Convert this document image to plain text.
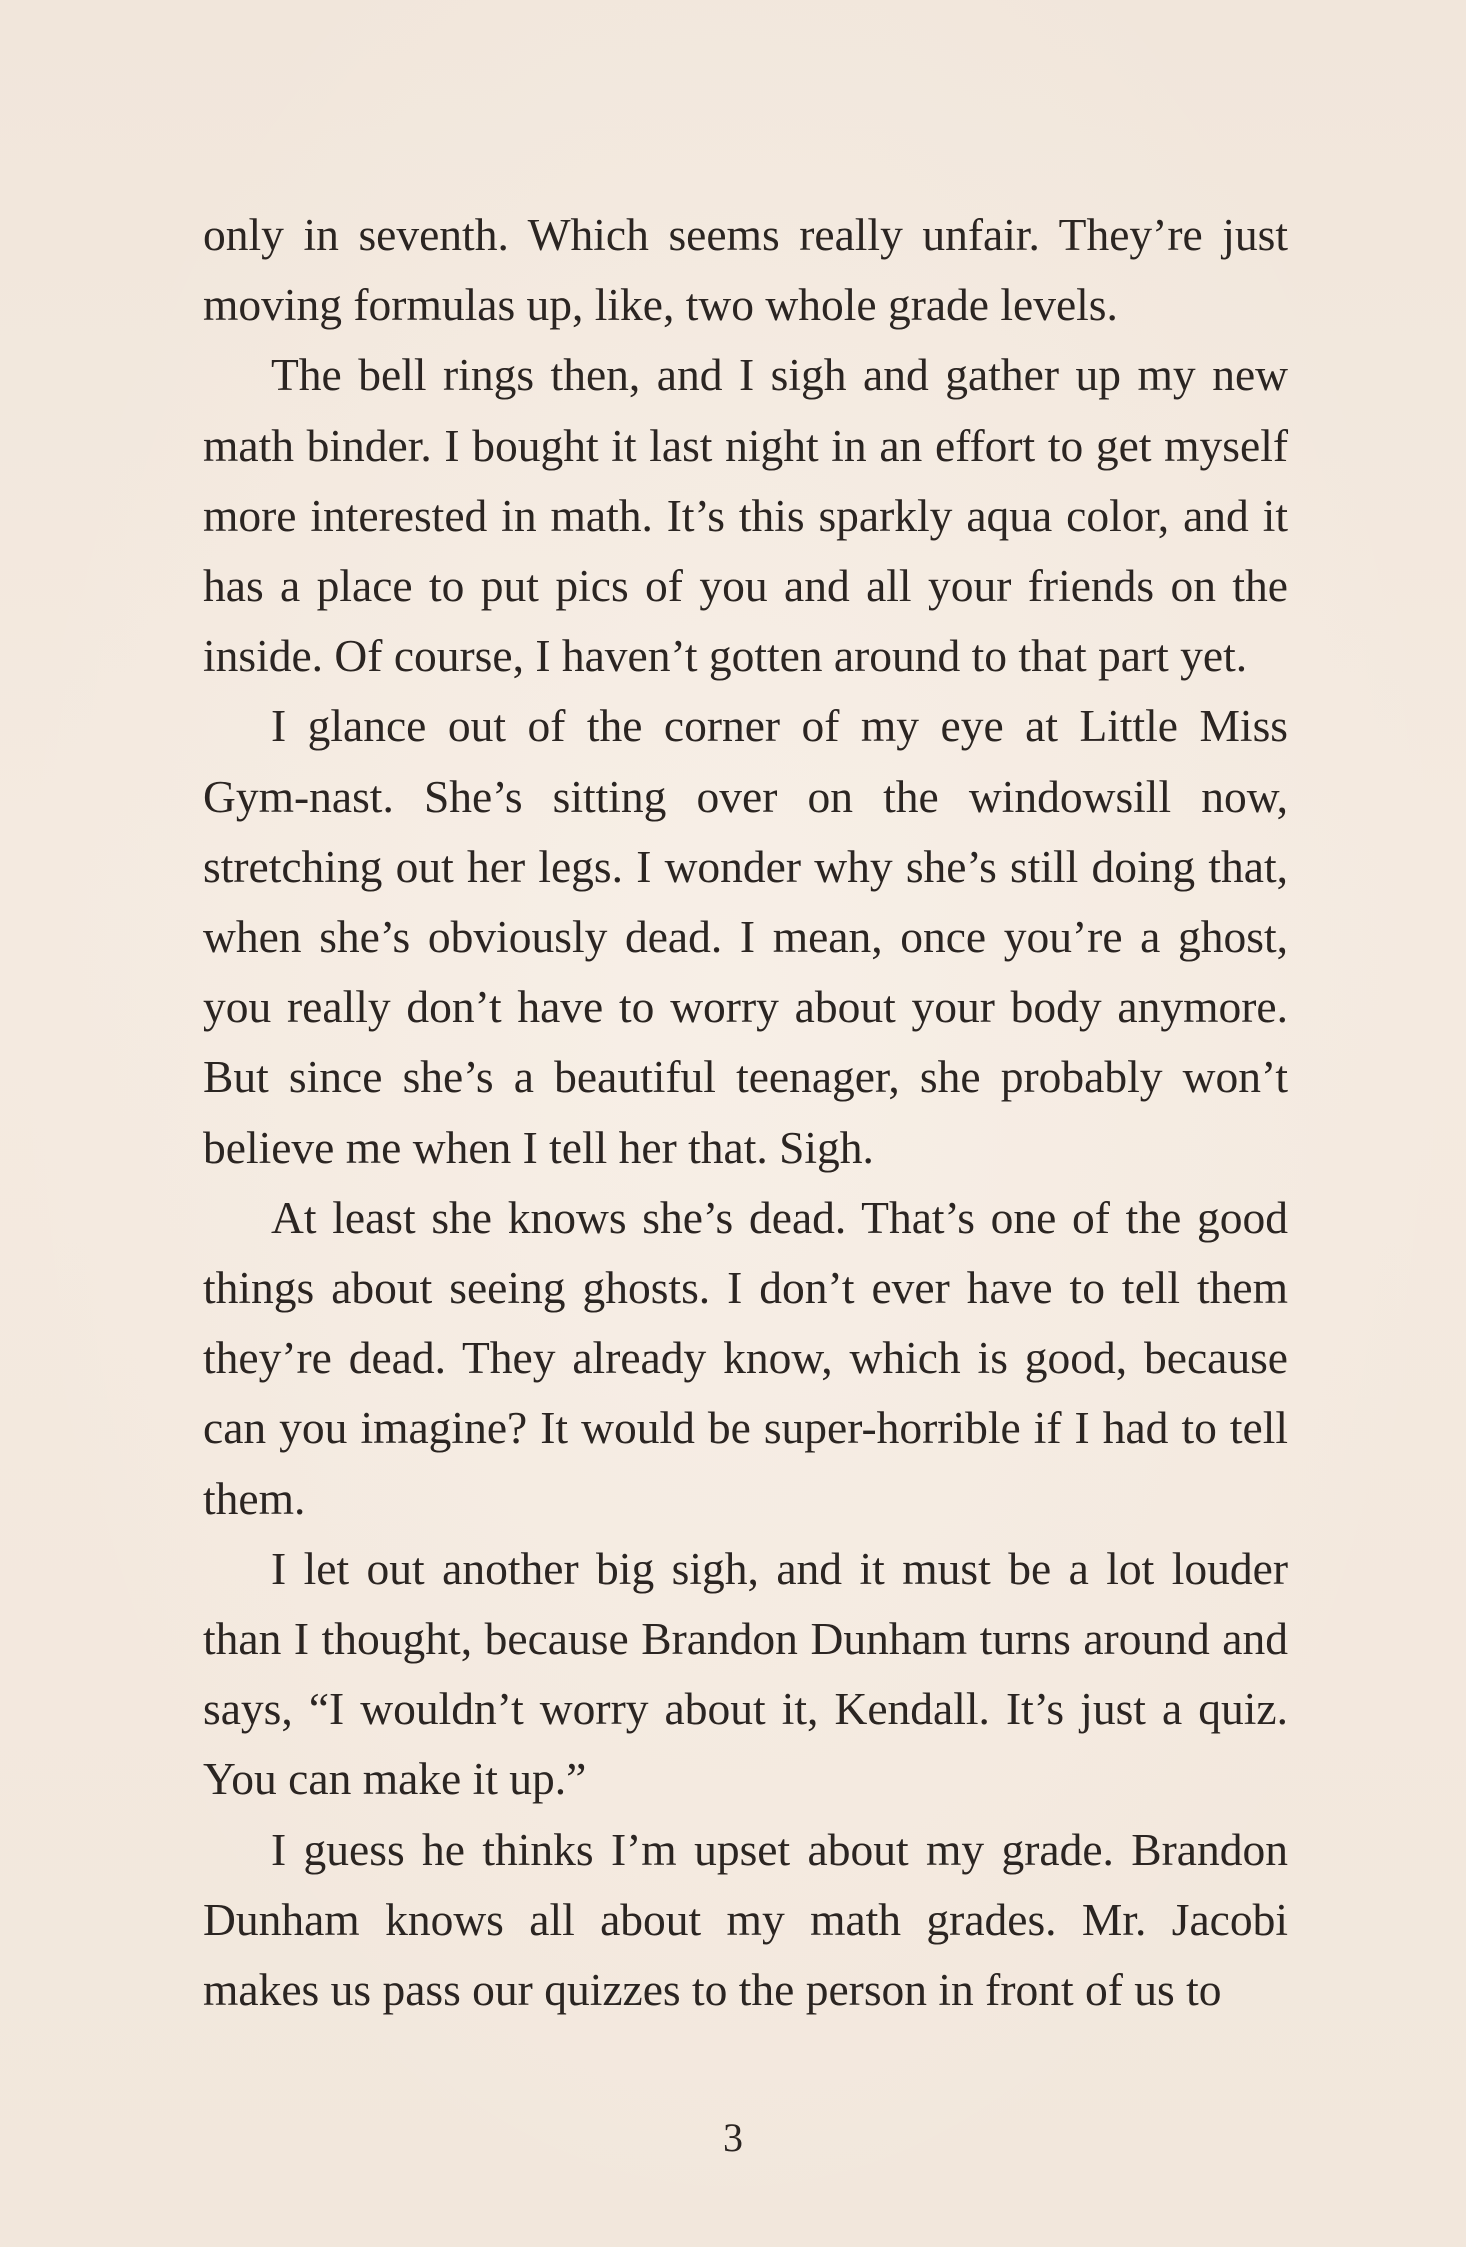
only in seventh. Which seems really unfair. They’re just moving formulas up, like, two whole grade levels.

The bell rings then, and I sigh and gather up my new math binder. I bought it last night in an effort to get myself more interested in math. It’s this sparkly aqua color, and it has a place to put pics of you and all your friends on the inside. Of course, I haven’t gotten around to that part yet.

I glance out of the corner of my eye at Little Miss Gym-nast. She’s sitting over on the windowsill now, stretching out her legs. I wonder why she’s still doing that, when she’s obviously dead. I mean, once you’re a ghost, you really don’t have to worry about your body anymore. But since she’s a beautiful teenager, she probably won’t believe me when I tell her that. Sigh.

At least she knows she’s dead. That’s one of the good things about seeing ghosts. I don’t ever have to tell them they’re dead. They already know, which is good, because can you imagine? It would be super-horrible if I had to tell them.

I let out another big sigh, and it must be a lot louder than I thought, because Brandon Dunham turns around and says, “I wouldn’t worry about it, Kendall. It’s just a quiz. You can make it up.”

I guess he thinks I’m upset about my grade. Brandon Dunham knows all about my math grades. Mr. Jacobi makes us pass our quizzes to the person in front of us to

3
